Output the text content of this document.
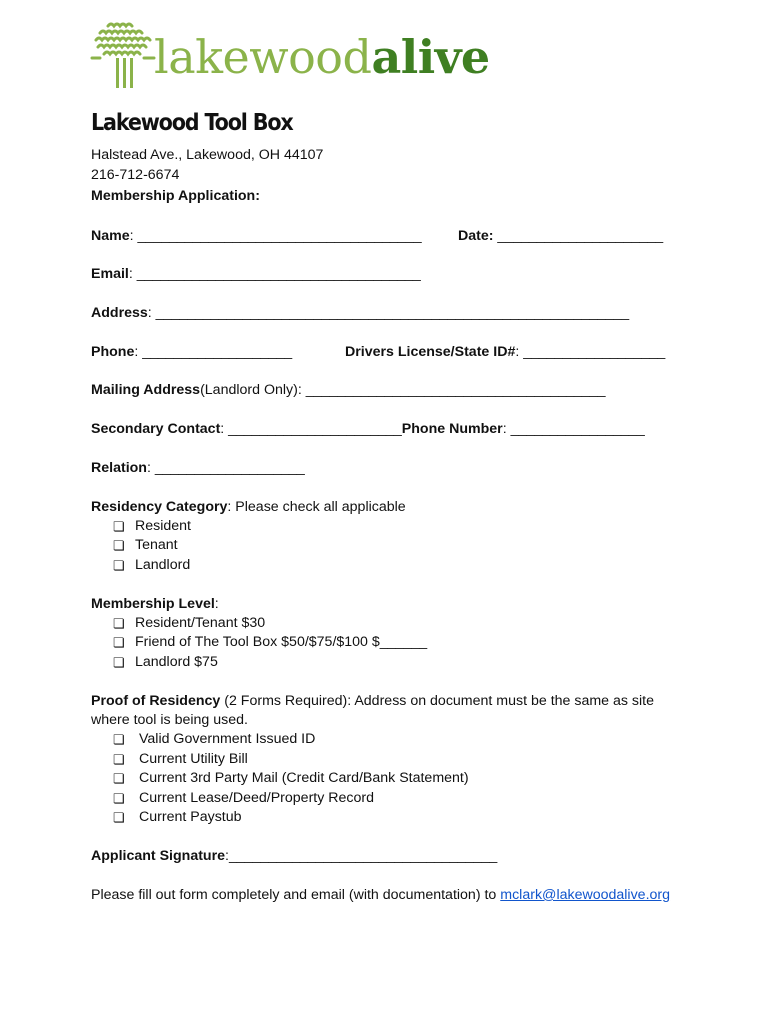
lakewoodalive
Lakewood Tool Box
Halstead Ave., Lakewood, OH 44107
216-712-6674
Membership Application:
Name: ____________________________________	Date: _____________________
Email: ____________________________________
Address: ____________________________________________________________
Phone: ___________________	Drivers License/State ID#: __________________
Mailing Address(Landlord Only): ______________________________________
Secondary Contact: ______________________Phone Number: _________________
Relation: ___________________
Residency Category: Please check all applicable
❏Resident
❏Tenant
❏Landlord
Membership Level:
❏Resident/Tenant $30
❏Friend of The Tool Box $50/$75/$100 $______
❏Landlord $75
Proof of Residency (2 Forms Required): Address on document must be the same as site
where tool is being used.
❏Valid Government Issued ID
❏Current Utility Bill
❏Current 3rd Party Mail (Credit Card/Bank Statement)
❏Current Lease/Deed/Property Record
❏Current Paystub
Applicant Signature:__________________________________
Please fill out form completely and email (with documentation) to mclark@lakewoodalive.org
